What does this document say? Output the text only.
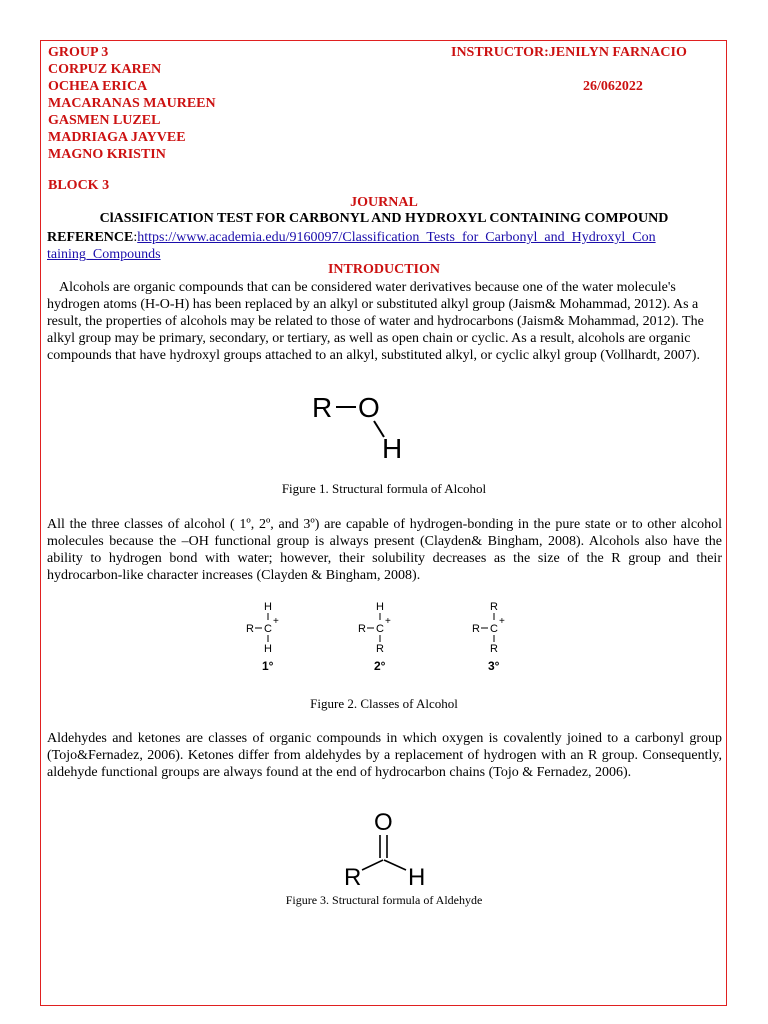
GROUP 3
CORPUZ KAREN
OCHEA ERICA
MACARANAS MAUREEN
GASMEN LUZEL
MADRIAGA JAYVEE
MAGNO KRISTIN
INSTRUCTOR:JENILYN FARNACIO
26/062022
BLOCK 3
JOURNAL
ClASSIFICATION TEST FOR CARBONYL AND HYDROXYL CONTAINING COMPOUND
REFERENCE:https://www.academia.edu/9160097/Classification_Tests_for_Carbonyl_and_Hydroxyl_Con
taining_Compounds
INTRODUCTION
Alcohols are organic compounds that can be considered water derivatives because one of the water molecule's hydrogen atoms (H-O-H) has been replaced by an alkyl or substituted alkyl group (Jaism& Mohammad, 2012). As a result, the properties of alcohols may be related to those of water and hydrocarbons (Jaism& Mohammad, 2012). The alkyl group may be primary, secondary, or tertiary, as well as open chain or cyclic. As a result, alcohols are organic compounds that have hydroxyl groups attached to an alkyl, substituted alkyl, or cyclic alkyl group (Vollhardt, 2007).
R O
H
Figure 1. Structural formula of Alcohol
All the three classes of alcohol ( 1º, 2º, and 3º) are capable of hydrogen-bonding in the pure state or to other alcohol molecules because the –OH functional group is always present (Clayden& Bingham, 2008). Alcohols also have the ability to hydrogen bond with water; however, their solubility decreases as the size of the R group and their hydrocarbon-like character increases (Clayden & Bingham, 2008).
H
R C
+
H
1°
H
R C
+
R
2°
R
R C
+
R
3°
Figure 2. Classes of Alcohol
Aldehydes and ketones are classes of organic compounds in which oxygen is covalently joined to a carbonyl group (Tojo&Fernadez, 2006). Ketones differ from aldehydes by a replacement of hydrogen with an R group. Consequently, aldehyde functional groups are always found at the end of hydrocarbon chains (Tojo & Fernadez, 2006).
O
R H
Figure 3. Structural formula of Aldehyde
